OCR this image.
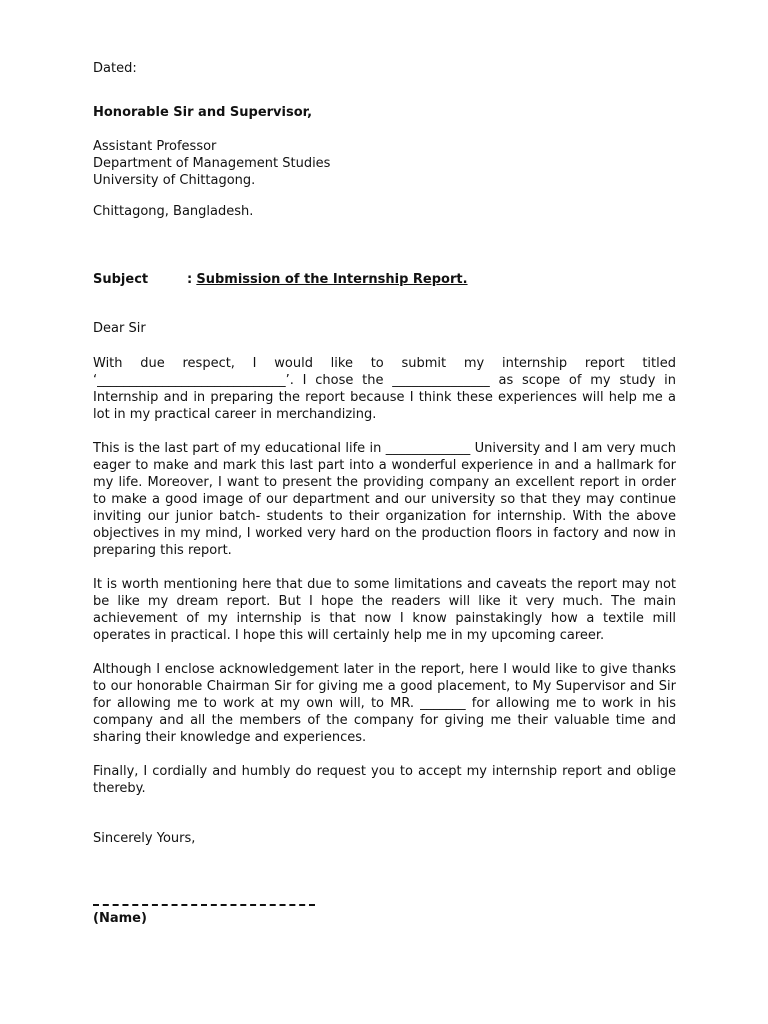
Dated:
Honorable Sir and Supervisor,
Assistant Professor
Department of Management Studies
University of Chittagong.
Chittagong, Bangladesh.
Subject	: Submission of the Internship Report.
Dear Sir
With due respect, I would like to submit my internship report titled ‘_____________________________’. I chose the _______________ as scope of my study in Internship and in preparing the report because I think these experiences will help me a lot in my practical career in merchandizing.
This is the last part of my educational life in _____________ University and I am very much eager to make and mark this last part into a wonderful experience in and a hallmark for my life. Moreover, I want to present the providing company an excellent report in order to make a good image of our department and our university so that they may continue inviting our junior batch- students to their organization for internship. With the above objectives in my mind, I worked very hard on the production floors in factory and now in preparing this report.
It is worth mentioning here that due to some limitations and caveats the report may not be like my dream report. But I hope the readers will like it very much. The main achievement of my internship is that now I know painstakingly how a textile mill operates in practical. I hope this will certainly help me in my upcoming career.
Although I enclose acknowledgement later in the report, here I would like to give thanks to our honorable Chairman Sir for giving me a good placement, to My Supervisor and Sir for allowing me to work at my own will, to MR. _______ for allowing me to work in his company and all the members of the company for giving me their valuable time and sharing their knowledge and experiences.
Finally, I cordially and humbly do request you to accept my internship report and oblige thereby.
Sincerely Yours,
(Name)
